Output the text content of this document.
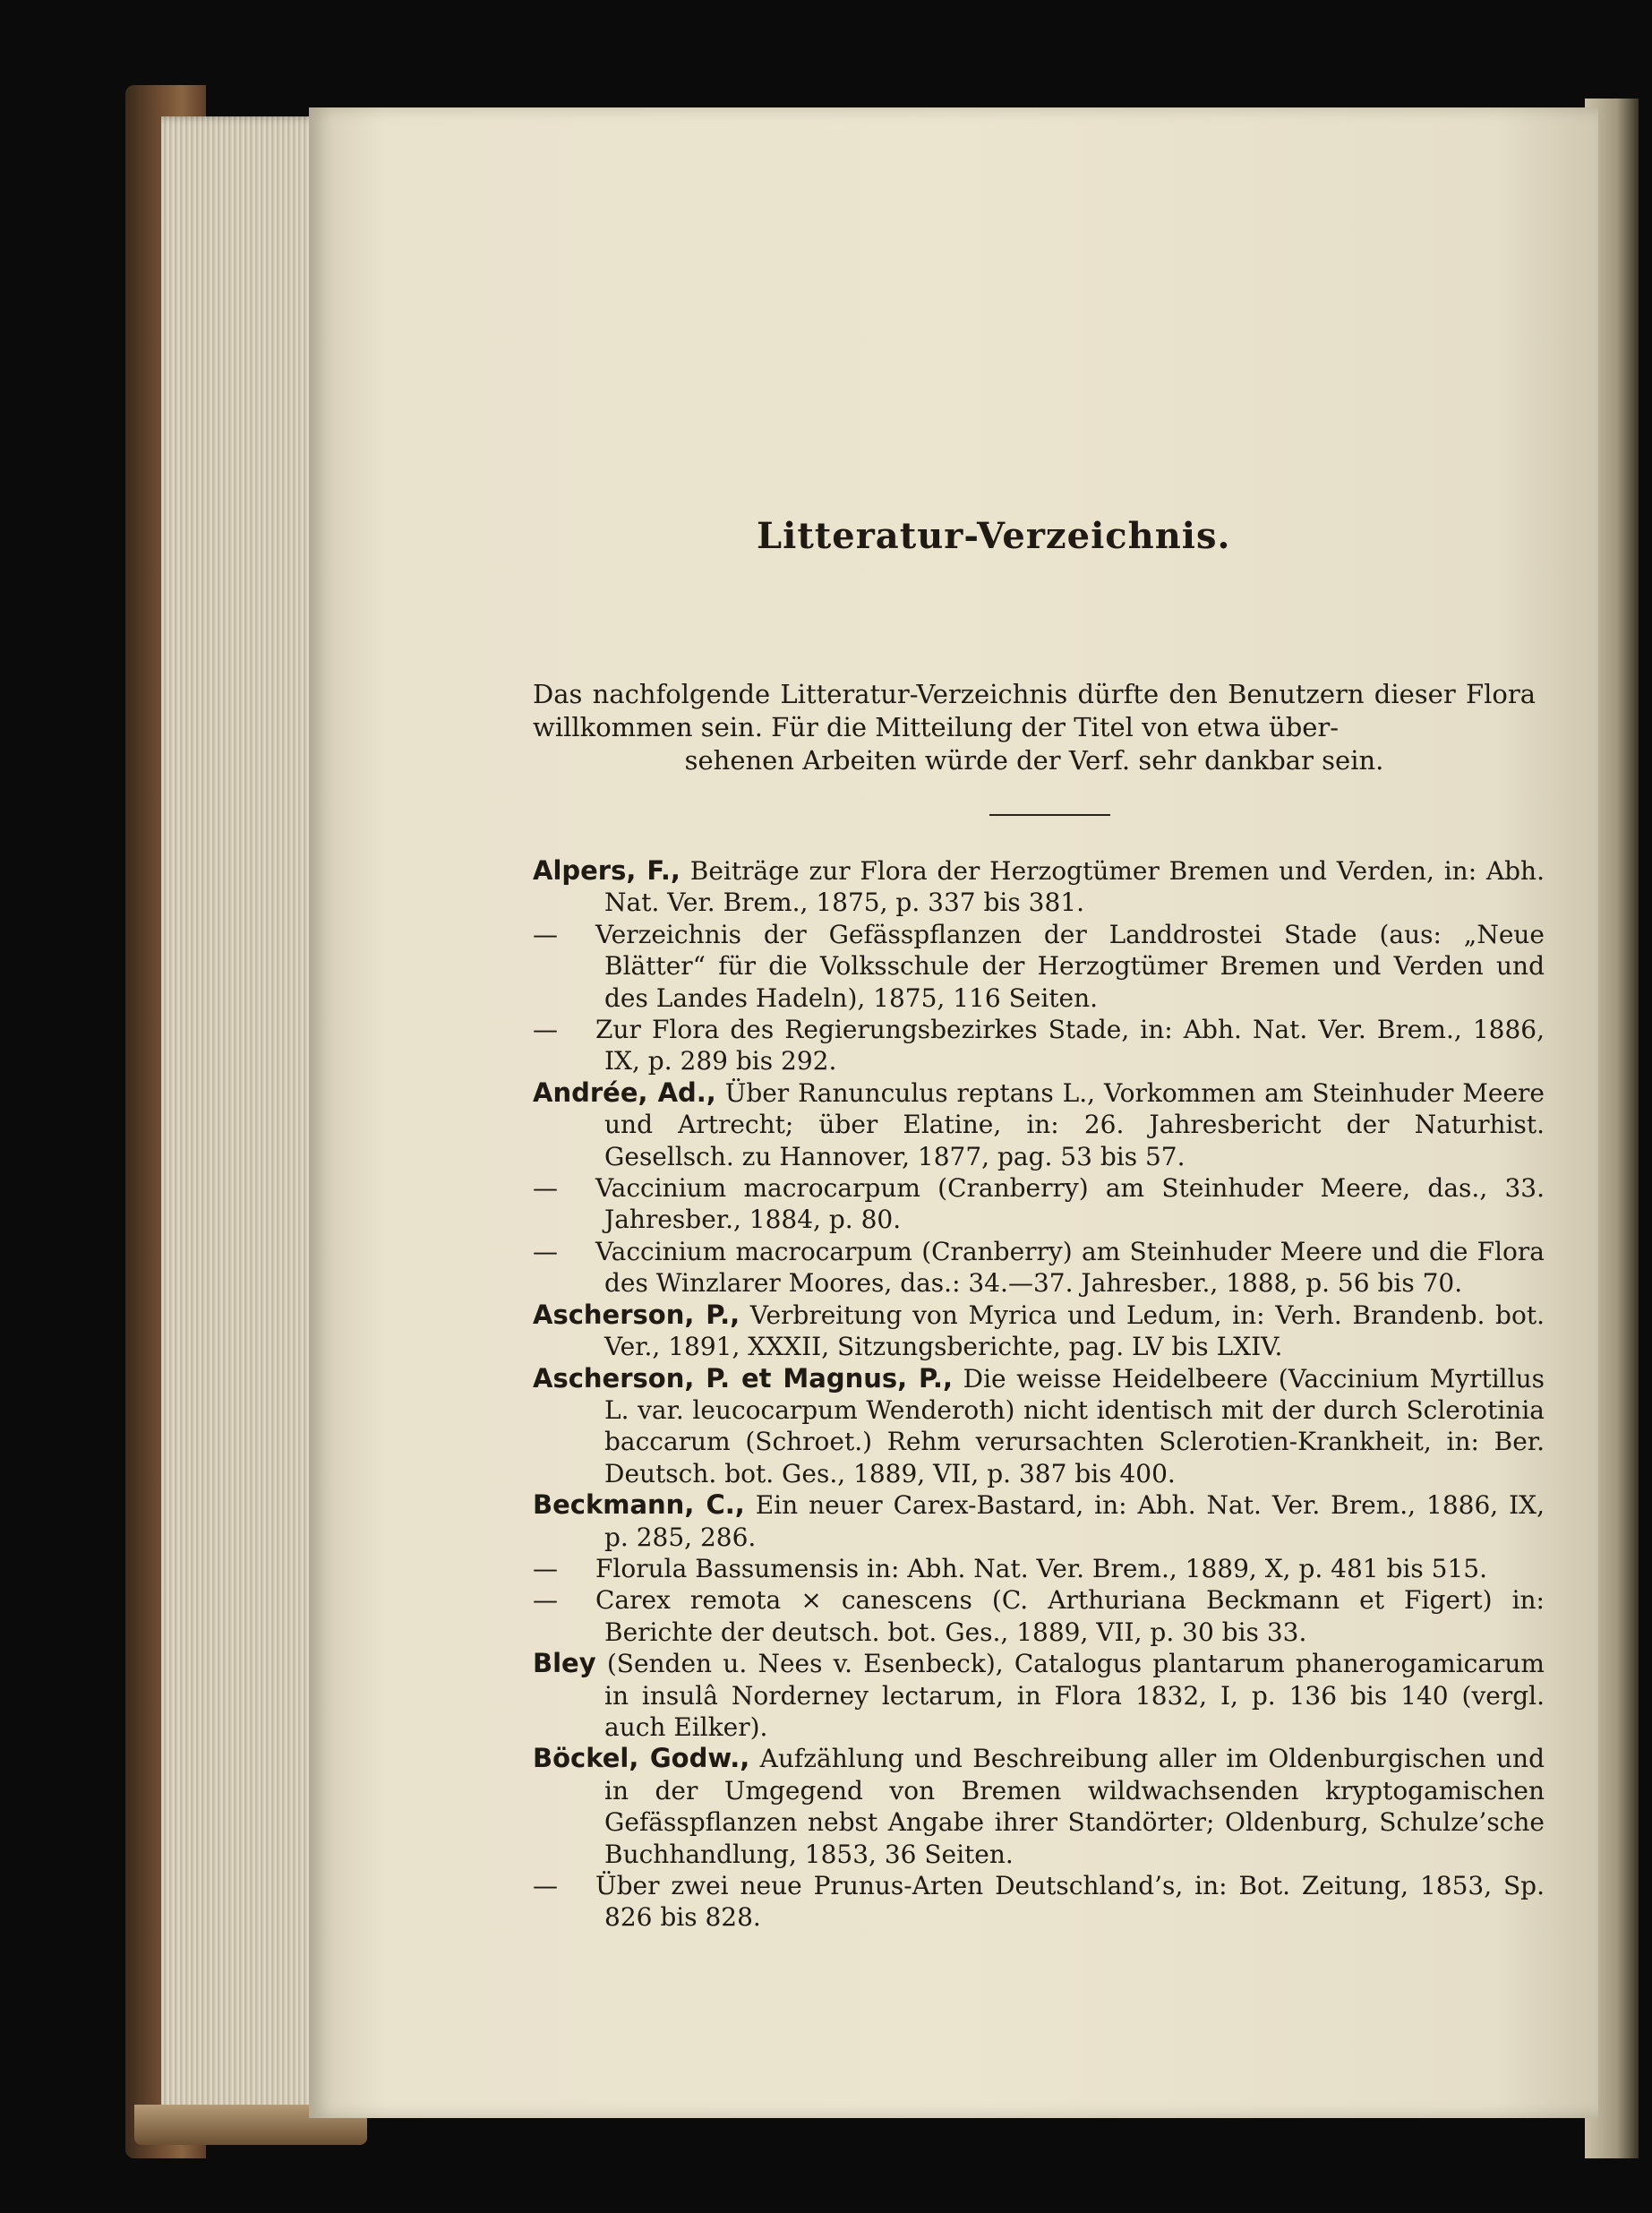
Litteratur-Verzeichnis.

Das nachfolgende Litteratur-Verzeichnis dürfte den Benutzern dieser Flora willkommen sein. Für die Mitteilung der Titel von etwa über-
sehenen Arbeiten würde der Verf. sehr dankbar sein.

Alpers, F., Beiträge zur Flora der Herzogtümer Bremen und Verden, in: Abh. Nat. Ver. Brem., 1875, p. 337 bis 381.

— Verzeichnis der Gefässpflanzen der Landdrostei Stade (aus: „Neue Blätter“ für die Volksschule der Herzogtümer Bremen und Verden und des Landes Hadeln), 1875, 116 Seiten.

— Zur Flora des Regierungsbezirkes Stade, in: Abh. Nat. Ver. Brem., 1886, IX, p. 289 bis 292.

Andrée, Ad., Über Ranunculus reptans L., Vorkommen am Steinhuder Meere und Artrecht; über Elatine, in: 26. Jahresbericht der Naturhist. Gesellsch. zu Hannover, 1877, pag. 53 bis 57.

— Vaccinium macrocarpum (Cranberry) am Steinhuder Meere, das., 33. Jahresber., 1884, p. 80.

— Vaccinium macrocarpum (Cranberry) am Steinhuder Meere und die Flora des Winzlarer Moores, das.: 34.—37. Jahresber., 1888, p. 56 bis 70.

Ascherson, P., Verbreitung von Myrica und Ledum, in: Verh. Brandenb. bot. Ver., 1891, XXXII, Sitzungsberichte, pag. LV bis LXIV.

Ascherson, P. et Magnus, P., Die weisse Heidelbeere (Vaccinium Myrtillus L. var. leucocarpum Wenderoth) nicht identisch mit der durch Sclerotinia baccarum (Schroet.) Rehm verursachten Sclerotien-Krankheit, in: Ber. Deutsch. bot. Ges., 1889, VII, p. 387 bis 400.

Beckmann, C., Ein neuer Carex-Bastard, in: Abh. Nat. Ver. Brem., 1886, IX, p. 285, 286.

— Florula Bassumensis in: Abh. Nat. Ver. Brem., 1889, X, p. 481 bis 515.

— Carex remota × canescens (C. Arthuriana Beckmann et Figert) in: Berichte der deutsch. bot. Ges., 1889, VII, p. 30 bis 33.

Bley (Senden u. Nees v. Esenbeck), Catalogus plantarum phanerogamicarum in insulâ Norderney lectarum, in Flora 1832, I, p. 136 bis 140 (vergl. auch Eilker).

Böckel, Godw., Aufzählung und Beschreibung aller im Oldenburgischen und in der Umgegend von Bremen wildwachsenden kryptogamischen Gefässpflanzen nebst Angabe ihrer Standörter; Oldenburg, Schulze’sche Buchhandlung, 1853, 36 Seiten.

— Über zwei neue Prunus-Arten Deutschland’s, in: Bot. Zeitung, 1853, Sp. 826 bis 828.
